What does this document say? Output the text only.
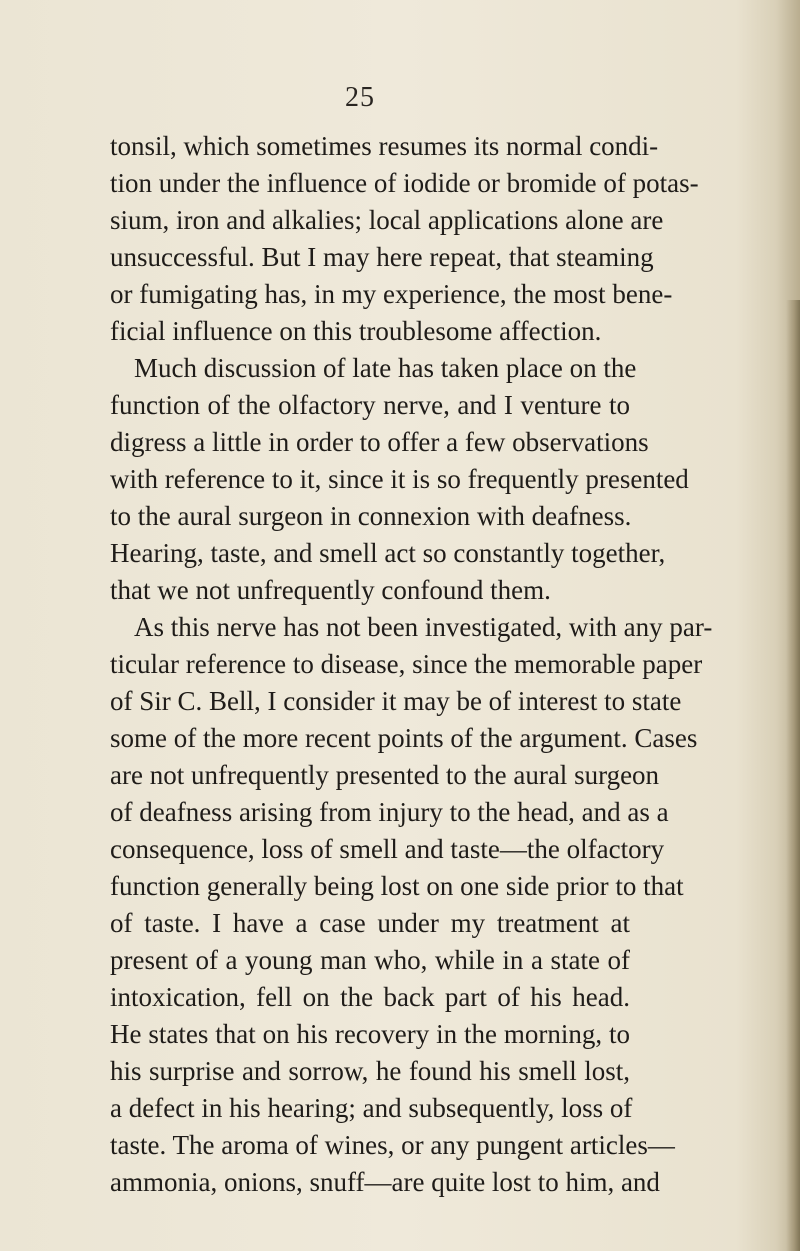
25
tonsil, which sometimes resumes its normal condi-
tion under the influence of iodide or bromide of potas-
sium, iron and alkalies; local applications alone are
unsuccessful. But I may here repeat, that steaming
or fumigating has, in my experience, the most bene-
ficial influence on this troublesome affection.
Much discussion of late has taken place on the
function of the olfactory nerve, and I venture to
digress a little in order to offer a few observations
with reference to it, since it is so frequently presented
to the aural surgeon in connexion with deafness.
Hearing, taste, and smell act so constantly together,
that we not unfrequently confound them.
As this nerve has not been investigated, with any par-
ticular reference to disease, since the memorable paper
of Sir C. Bell, I consider it may be of interest to state
some of the more recent points of the argument. Cases
are not unfrequently presented to the aural surgeon
of deafness arising from injury to the head, and as a
consequence, loss of smell and taste—the olfactory
function generally being lost on one side prior to that
of taste. I have a case under my treatment at
present of a young man who, while in a state of
intoxication, fell on the back part of his head.
He states that on his recovery in the morning, to
his surprise and sorrow, he found his smell lost,
a defect in his hearing; and subsequently, loss of
taste. The aroma of wines, or any pungent articles—
ammonia, onions, snuff—are quite lost to him, and
